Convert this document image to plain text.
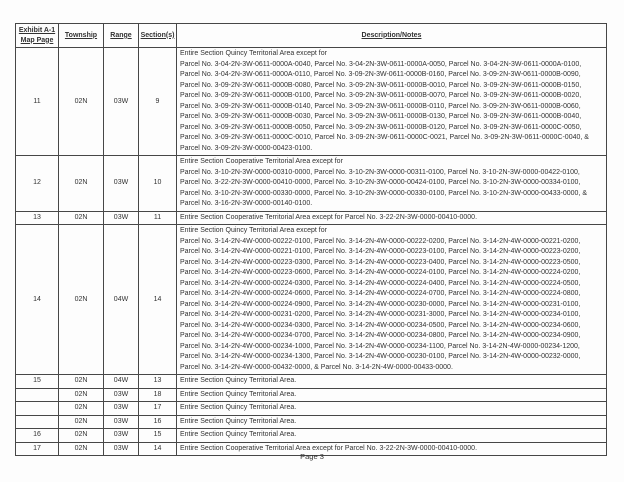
Exhibit A-1
Map Page	Township	Range	Section(s)	Description/Notes
11	02N	03W	9	
Entire Section Quincy Territorial Area except for
Parcel No. 3-04-2N-3W-0611-0000A-0040, Parcel No. 3-04-2N-3W-0611-0000A-0050, Parcel No. 3-04-2N-3W-0611-0000A-0100,
Parcel No. 3-04-2N-3W-0611-0000A-0110, Parcel No. 3-09-2N-3W-0611-0000B-0160, Parcel No. 3-09-2N-3W-0611-0000B-0090,
Parcel No. 3-09-2N-3W-0611-0000B-0080, Parcel No. 3-09-2N-3W-0611-0000B-0010, Parcel No. 3-09-2N-3W-0611-0000B-0150,
Parcel No. 3-09-2N-3W-0611-0000B-0100, Parcel No. 3-09-2N-3W-0611-0000B-0070, Parcel No. 3-09-2N-3W-0611-0000B-0020,
Parcel No. 3-09-2N-3W-0611-0000B-0140, Parcel No. 3-09-2N-3W-0611-0000B-0110, Parcel No. 3-09-2N-3W-0611-0000B-0060,
Parcel No. 3-09-2N-3W-0611-0000B-0030, Parcel No. 3-09-2N-3W-0611-0000B-0130, Parcel No. 3-09-2N-3W-0611-0000B-0040,
Parcel No. 3-09-2N-3W-0611-0000B-0050, Parcel No. 3-09-2N-3W-0611-0000B-0120, Parcel No. 3-09-2N-3W-0611-0000C-0050,
Parcel No. 3-09-2N-3W-0611-0000C-0010, Parcel No. 3-09-2N-3W-0611-0000C-0021, Parcel No. 3-09-2N-3W-0611-0000C-0040, &
Parcel No. 3-09-2N-3W-0000-00423-0100.

12	02N	03W	10	Entire Section Cooperative Territorial Area except for
Parcel No. 3-10-2N-3W-0000-00310-0000, Parcel No. 3-10-2N-3W-0000-00311-0100, Parcel No. 3-10-2N-3W-0000-00422-0100,
Parcel No. 3-22-2N-3W-0000-00410-0000, Parcel No. 3-10-2N-3W-0000-00424-0100, Parcel No. 3-10-2N-3W-0000-00334-0100,
Parcel No. 3-10-2N-3W-0000-00330-0000, Parcel No. 3-10-2N-3W-0000-00330-0100, Parcel No. 3-10-2N-3W-0000-00433-0000, &
Parcel No. 3-16-2N-3W-0000-00140-0100.

13	02N	03W	11	Entire Section Cooperative Territorial Area except for Parcel No. 3-22-2N-3W-0000-00410-0000.

14	02N	04W	14	
Entire Section Quincy Territorial Area except for
Parcel No. 3-14-2N-4W-0000-00222-0100, Parcel No. 3-14-2N-4W-0000-00222-0200, Parcel No. 3-14-2N-4W-0000-00221-0200,
Parcel No. 3-14-2N-4W-0000-00221-0100, Parcel No. 3-14-2N-4W-0000-00223-0100, Parcel No. 3-14-2N-4W-0000-00223-0200,
Parcel No. 3-14-2N-4W-0000-00223-0300, Parcel No. 3-14-2N-4W-0000-00223-0400, Parcel No. 3-14-2N-4W-0000-00223-0500,
Parcel No. 3-14-2N-4W-0000-00223-0600, Parcel No. 3-14-2N-4W-0000-00224-0100, Parcel No. 3-14-2N-4W-0000-00224-0200,
Parcel No. 3-14-2N-4W-0000-00224-0300, Parcel No. 3-14-2N-4W-0000-00224-0400, Parcel No. 3-14-2N-4W-0000-00224-0500,
Parcel No. 3-14-2N-4W-0000-00224-0600, Parcel No. 3-14-2N-4W-0000-00224-0700, Parcel No. 3-14-2N-4W-0000-00224-0800,
Parcel No. 3-14-2N-4W-0000-00224-0900, Parcel No. 3-14-2N-4W-0000-00230-0000, Parcel No. 3-14-2N-4W-0000-00231-0100,
Parcel No. 3-14-2N-4W-0000-00231-0200, Parcel No. 3-14-2N-4W-0000-00231-3000, Parcel No. 3-14-2N-4W-0000-00234-0100,
Parcel No. 3-14-2N-4W-0000-00234-0300, Parcel No. 3-14-2N-4W-0000-00234-0500, Parcel No. 3-14-2N-4W-0000-00234-0600,
Parcel No. 3-14-2N-4W-0000-00234-0700, Parcel No. 3-14-2N-4W-0000-00234-0800, Parcel No. 3-14-2N-4W-0000-00234-0900,
Parcel No. 3-14-2N-4W-0000-00234-1000, Parcel No. 3-14-2N-4W-0000-00234-1100, Parcel No. 3-14-2N-4W-0000-00234-1200,
Parcel No. 3-14-2N-4W-0000-00234-1300, Parcel No. 3-14-2N-4W-0000-00230-0100, Parcel No. 3-14-2N-4W-0000-00232-0000,
Parcel No. 3-14-2N-4W-0000-00432-0000, & Parcel No. 3-14-2N-4W-0000-00433-0000.

15	02N	04W	13	Entire Section Quincy Territorial Area.

	02N	03W	18	Entire Section Quincy Territorial Area.

	02N	03W	17	Entire Section Quincy Territorial Area.

	02N	03W	16	Entire Section Quincy Territorial Area.

16	02N	03W	15	Entire Section Quincy Territorial Area.

17	02N	03W	14	Entire Section Cooperative Territorial Area except for Parcel No. 3-22-2N-3W-0000-00410-0000.
Page 3
